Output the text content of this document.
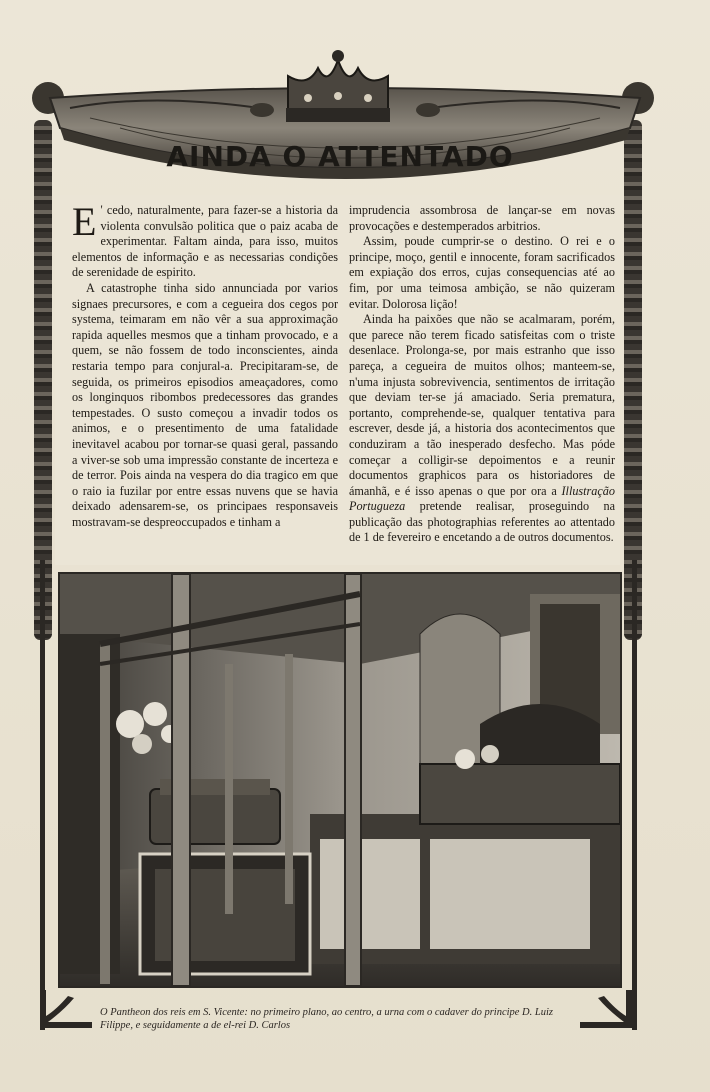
AINDA O ATTENTADO

E ' cedo, naturalmente, para fazer-se a historia da violenta convulsão politica que o paiz acaba de experimentar. Faltam ainda, para isso, muitos elementos de informação e as necessarias condições de serenidade de espirito.

A catastrophe tinha sido annunciada por varios signaes precursores, e com a cegueira dos cegos por systema, teimaram em não vêr a sua approximação rapida aquelles mesmos que a tinham provocado, e a quem, se não fossem de todo inconscientes, ainda restaria tempo para conjural-a. Precipitaram-se, de seguida, os primeiros episodios ameaçadores, como os longinquos ribombos predecessores das grandes tempestades. O susto começou a invadir todos os animos, e o presentimento de uma fatalidade inevitavel acabou por tornar-se quasi geral, passando a viver-se sob uma impressão constante de incerteza e de terror. Pois ainda na vespera do dia tragico em que o raio ia fuzilar por entre essas nuvens que se havia deixado adensarem-se, os principaes responsaveis mostravam-se despreoccupados e tinham a

imprudencia assombrosa de lançar-se em novas provocações e destemperados arbitrios.

Assim, poude cumprir-se o destino. O rei e o principe, moço, gentil e innocente, foram sacrificados em expiação dos erros, cujas consequencias até ao fim, por uma teimosa ambição, se não quizeram evitar. Dolorosa lição!

Ainda ha paixões que não se acalmaram, porém, que parece não terem ficado satisfeitas com o triste desenlace. Prolonga-se, por mais estranho que isso pareça, a cegueira de muitos olhos; manteem-se, n'uma injusta sobrevivencia, sentimentos de irritação que deviam ter-se já amaciado. Seria prematura, portanto, comprehende-se, qualquer tentativa para escrever, desde já, a historia dos acontecimentos que conduziram a tão inesperado desfecho. Mas póde começar a colligir-se depoimentos e a reunir documentos graphicos para os historiadores de ámanhã, e é isso apenas o que por ora a Illustração Portugueza pretende realisar, proseguindo na publicação das photographias referentes ao attentado de 1 de fevereiro e encetando a de outros documentos.

O Pantheon dos reis em S. Vicente: no primeiro plano, ao centro, a urna com o cadaver do principe D. Luiz Filippe, e seguidamente a de el-rei D. Carlos
